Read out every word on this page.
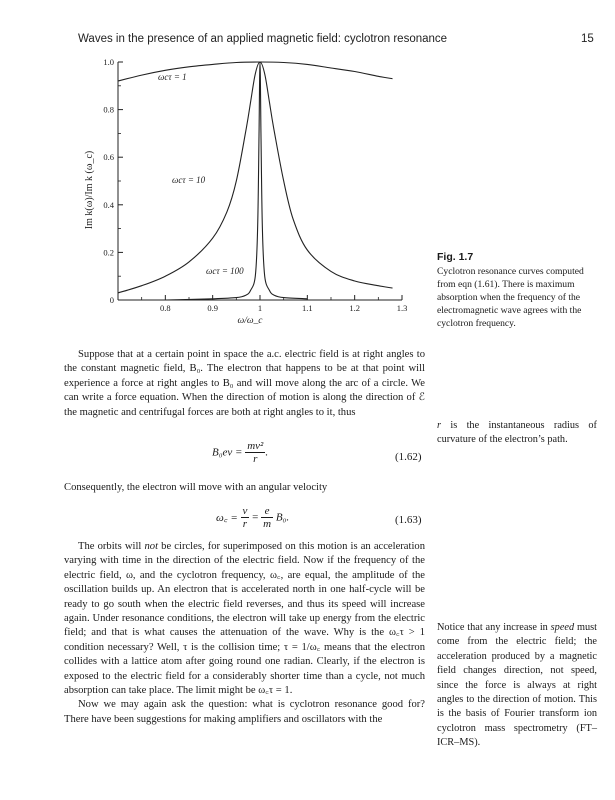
Waves in the presence of an applied magnetic field: cyclotron resonance	15
0
0.2
0.4
0.6
0.8
1.0
0.8	0.9	1	1.1	1.2	1.3
Im k(ω)/Im k (ω_c)
ω/ω_c
ωcτ = 1
ωcτ = 10
ωcτ = 100
Fig. 1.7
Cyclotron resonance curves computed from eqn (1.61). There is maximum absorption when the frequency of the electromagnetic wave agrees with the cyclotron frequency.

Suppose that at a certain point in space the a.c. electric field is at right angles to the constant magnetic field, B₀. The electron that happens to be at that point will experience a force at right angles to B₀ and will move along the arc of a circle. We can write a force equation. When the direction of motion is along the direction of ℰ the magnetic and centrifugal forces are both at right angles to it, thus

r is the instantaneous radius of curvature of the electron’s path.
$B_0ev = \frac{\text{mv²}}{r}$ .	(1.62)

Consequently, the electron will move with an angular velocity

ω꜀ = $\frac{v}{r} = \frac{e}{m} B_0$.	(1.63)

The orbits will not be circles, for superimposed on this motion is an acceleration varying with time in the direction of the electric field. Now if the frequency of the electric field, ω, and the cyclotron frequency, ω꜀, are equal, the amplitude of the oscillation builds up. An electron that is accelerated north in one half-cycle will be ready to go south when the electric field reverses, and thus its speed will increase again. Under resonance conditions, the electron will take up energy from the electric field; and that is what causes the attenuation of the wave. Why is the ω꜀τ > 1 condition necessary? Well, τ is the collision time; τ = 1/ω꜀ means that the electron collides with a lattice atom after going round one radian. Clearly, if the electron is exposed to the electric field for a considerably shorter time than a cycle, not much absorption can take place. The limit might be ω꜀τ = 1.

Now we may again ask the question: what is cyclotron resonance good for? There have been suggestions for making amplifiers and oscillators with the

Notice that any increase in speed must come from the electric field; the acceleration produced by a magnetic field changes direction, not speed, since the force is always at right angles to the direction of motion. This is the basis of Fourier transform ion cyclotron mass spectrometry (FT–ICR–MS).
